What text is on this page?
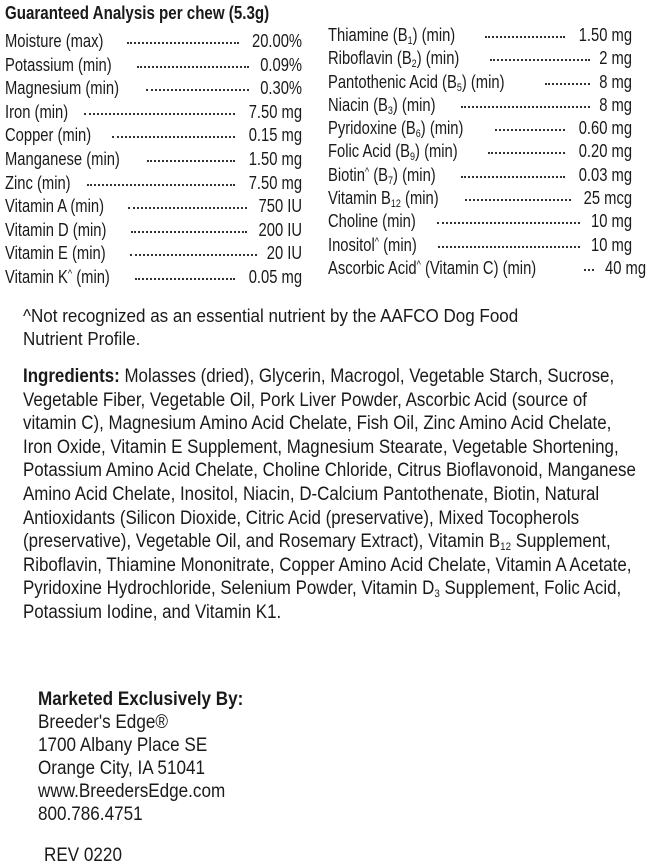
Guaranteed Analysis per chew (5.3g)
Moisture (max)	20.00%
Potassium (min)	0.09%
Magnesium (min)	0.30%
Iron (min)	7.50 mg
Copper (min)	0.15 mg
Manganese (min)	1.50 mg
Zinc (min)	7.50 mg
Vitamin A (min)	750 IU
Vitamin D (min)	200 IU
Vitamin E (min)	20 IU
Vitamin K^ (min)	0.05 mg
Thiamine $(B_1)$ (min)	1.50 mg
Riboflavin $(B_2)$ (min)	2 mg
Pantothenic Acid $(B_5)$ (min)	8 mg
Niacin $(B_3)$ (min)	8 mg
Pyridoxine $(B_6)$ (min)	0.60 mg
Folic Acid $(B_9)$ (min)	0.20 mg
Biotin^ $(B_7)$ (min)	0.03 mg
Vitamin $B_{12}$ (min)	25 mcg
Choline (min)	10 mg
Inositol^ (min)	10 mg
Ascorbic Acid^ (Vitamin C) (min)	40 mg
^Not recognized as an essential nutrient by the AAFCO Dog Food
Nutrient Profile.
Ingredients: Molasses (dried), Glycerin, Macrogol, Vegetable Starch, Sucrose, Vegetable Fiber, Vegetable Oil, Pork Liver Powder, Ascorbic Acid (source of vitamin C), Magnesium Amino Acid Chelate, Fish Oil, Zinc Amino Acid Chelate, Iron Oxide, Vitamin E Supplement, Magnesium Stearate, Vegetable Shortening, Potassium Amino Acid Chelate, Choline Chloride, Citrus Bioflavonoid, Manganese Amino Acid Chelate, Inositol, Niacin, D-Calcium Pantothenate, Biotin, Natural Antioxidants (Silicon Dioxide, Citric Acid (preservative), Mixed Tocopherols (preservative), Vegetable Oil, and Rosemary Extract), Vitamin $B_{12}$ Supplement, Riboflavin, Thiamine Mononitrate, Copper Amino Acid Chelate, Vitamin A Acetate, Pyridoxine Hydrochloride, Selenium Powder, Vitamin $D_3$ Supplement, Folic Acid, Potassium Iodine, and Vitamin K1.
Marketed Exclusively By:
Breeder's Edge®
1700 Albany Place SE
Orange City, IA 51041
www.BreedersEdge.com
800.786.4751
REV 0220
